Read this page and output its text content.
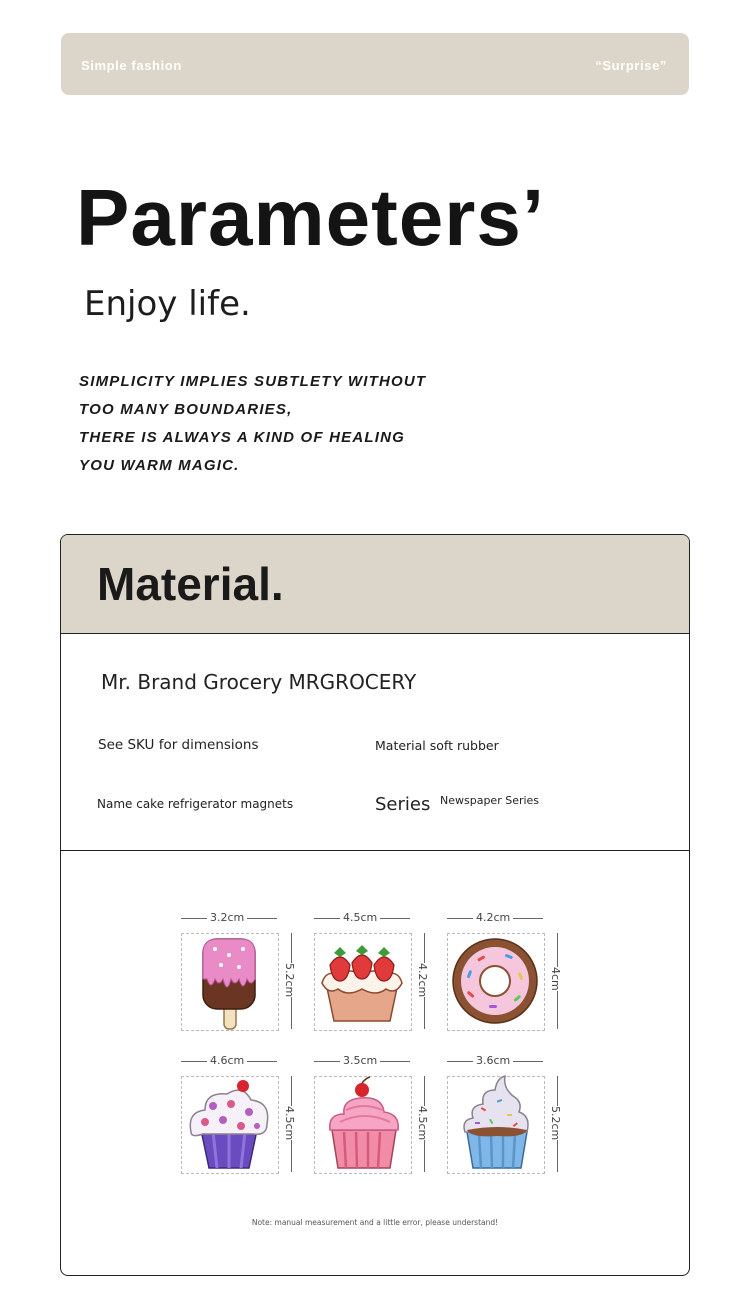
Simple fashion	“Surprise”
Parameters’
Enjoy life.
SIMPLICITY IMPLIES SUBTLETY WITHOUT
TOO MANY BOUNDARIES,
THERE IS ALWAYS A KIND OF HEALING
YOU WARM MAGIC.
Material.
Mr. Brand Grocery MRGROCERY
See SKU for dimensions	Material soft rubber
Name cake refrigerator magnets	Series Newspaper Series
3.2cm
5.2cm
4.5cm
4.2cm
4.2cm
4cm
4.6cm
4.5cm
3.5cm
4.5cm
3.6cm
5.2cm
Note: manual measurement and a little error, please understand!
